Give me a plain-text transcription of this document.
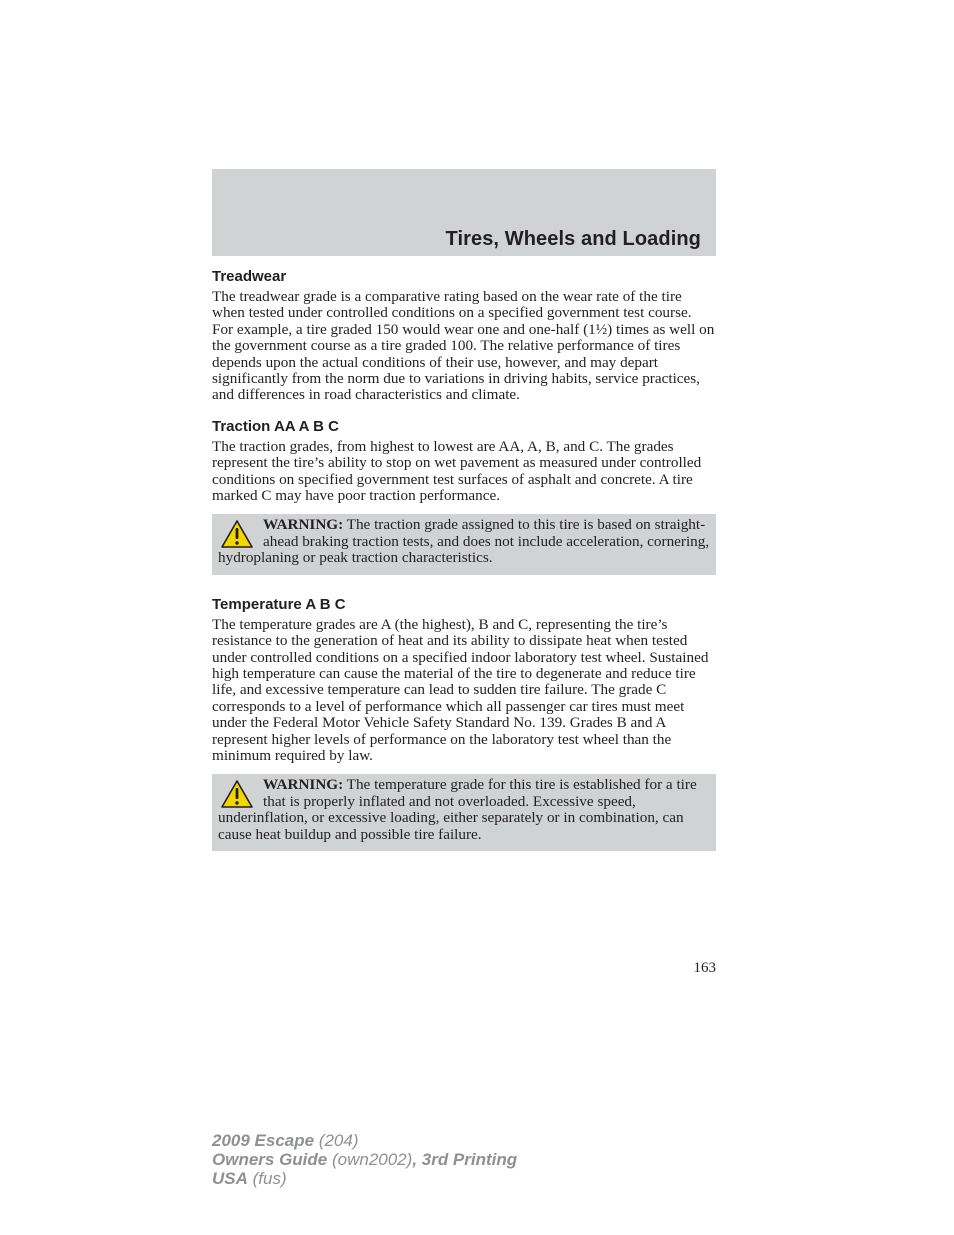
Tires, Wheels and Loading
Treadwear

The treadwear grade is a comparative rating based on the wear rate of the tire when tested under controlled conditions on a specified government test course. For example, a tire graded 150 would wear one and one-half (1½) times as well on the government course as a tire graded 100. The relative performance of tires depends upon the actual conditions of their use, however, and may depart significantly from the norm due to variations in driving habits, service practices, and differences in road characteristics and climate.

Traction AA A B C

The traction grades, from highest to lowest are AA, A, B, and C. The grades represent the tire’s ability to stop on wet pavement as measured under controlled conditions on specified government test surfaces of asphalt and concrete. A tire marked C may have poor traction performance.

WARNING: The traction grade assigned to this tire is based on straight-ahead braking traction tests, and does not include acceleration, cornering, hydroplaning or peak traction characteristics.
Temperature A B C

The temperature grades are A (the highest), B and C, representing the tire’s resistance to the generation of heat and its ability to dissipate heat when tested under controlled conditions on a specified indoor laboratory test wheel. Sustained high temperature can cause the material of the tire to degenerate and reduce tire life, and excessive temperature can lead to sudden tire failure. The grade C corresponds to a level of performance which all passenger car tires must meet under the Federal Motor Vehicle Safety Standard No. 139. Grades B and A represent higher levels of performance on the laboratory test wheel than the minimum required by law.

WARNING: The temperature grade for this tire is established for a tire that is properly inflated and not overloaded. Excessive speed, underinflation, or excessive loading, either separately or in combination, can cause heat buildup and possible tire failure.
163
2009 Escape (204)
Owners Guide (own2002), 3rd Printing
USA (fus)
